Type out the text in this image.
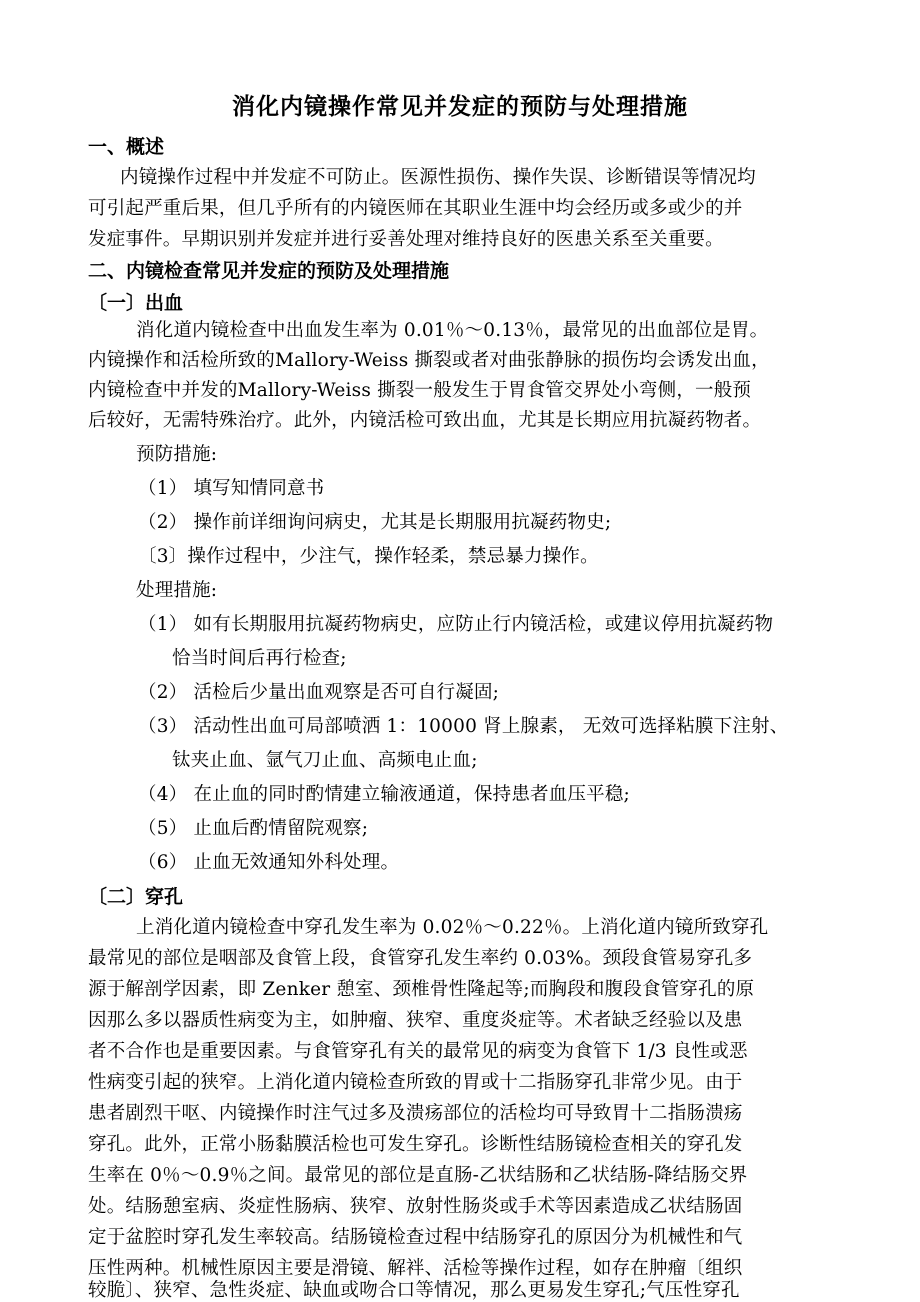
消化内镜操作常见并发症的预防与处理措施
一、概述
内镜操作过程中并发症不可防止。医源性损伤、操作失误、诊断错误等情况均
可引起严重后果，但几乎所有的内镜医师在其职业生涯中均会经历或多或少的并
发症事件。早期识别并发症并进行妥善处理对维持良好的医患关系至关重要。
二、内镜检查常见并发症的预防及处理措施
〔一〕出血
消化道内镜检查中出血发生率为 0.01％～0.13％，最常见的出血部位是胃。
内镜操作和活检所致的Mallory-Weiss 撕裂或者对曲张静脉的损伤均会诱发出血，
内镜检查中并发的Mallory-Weiss 撕裂一般发生于胃食管交界处小弯侧，一般预
后较好，无需特殊治疗。此外，内镜活检可致出血，尤其是长期应用抗凝药物者。
预防措施:
（1） 填写知情同意书
（2） 操作前详细询问病史，尤其是长期服用抗凝药物史;
〔3〕操作过程中，少注气，操作轻柔，禁忌暴力操作。
处理措施:
（1） 如有长期服用抗凝药物病史，应防止行内镜活检，或建议停用抗凝药物
恰当时间后再行检查;
（2） 活检后少量出血观察是否可自行凝固;
（3） 活动性出血可局部喷洒 1：10000 肾上腺素， 无效可选择粘膜下注射、
钛夹止血、氩气刀止血、高频电止血;
（4） 在止血的同时酌情建立输液通道，保持患者血压平稳;
（5） 止血后酌情留院观察;
（6） 止血无效通知外科处理。
〔二〕穿孔
上消化道内镜检查中穿孔发生率为 0.02％～0.22％。上消化道内镜所致穿孔
最常见的部位是咽部及食管上段，食管穿孔发生率约 0.03%。颈段食管易穿孔多
源于解剖学因素，即 Zenker 憩室、颈椎骨性隆起等;而胸段和腹段食管穿孔的原
因那么多以器质性病变为主，如肿瘤、狭窄、重度炎症等。术者缺乏经验以及患
者不合作也是重要因素。与食管穿孔有关的最常见的病变为食管下 1/3 良性或恶
性病变引起的狭窄。上消化道内镜检查所致的胃或十二指肠穿孔非常少见。由于
患者剧烈干呕、内镜操作时注气过多及溃疡部位的活检均可导致胃十二指肠溃疡
穿孔。此外，正常小肠黏膜活检也可发生穿孔。诊断性结肠镜检查相关的穿孔发
生率在 0％～0.9％之间。最常见的部位是直肠-乙状结肠和乙状结肠-降结肠交界
处。结肠憩室病、炎症性肠病、狭窄、放射性肠炎或手术等因素造成乙状结肠固
定于盆腔时穿孔发生率较高。结肠镜检查过程中结肠穿孔的原因分为机械性和气
压性两种。机械性原因主要是滑镜、解袢、活检等操作过程，如存在肿瘤〔组织
较脆〕、狭窄、急性炎症、缺血或吻合口等情况，那么更易发生穿孔;气压性穿孔
